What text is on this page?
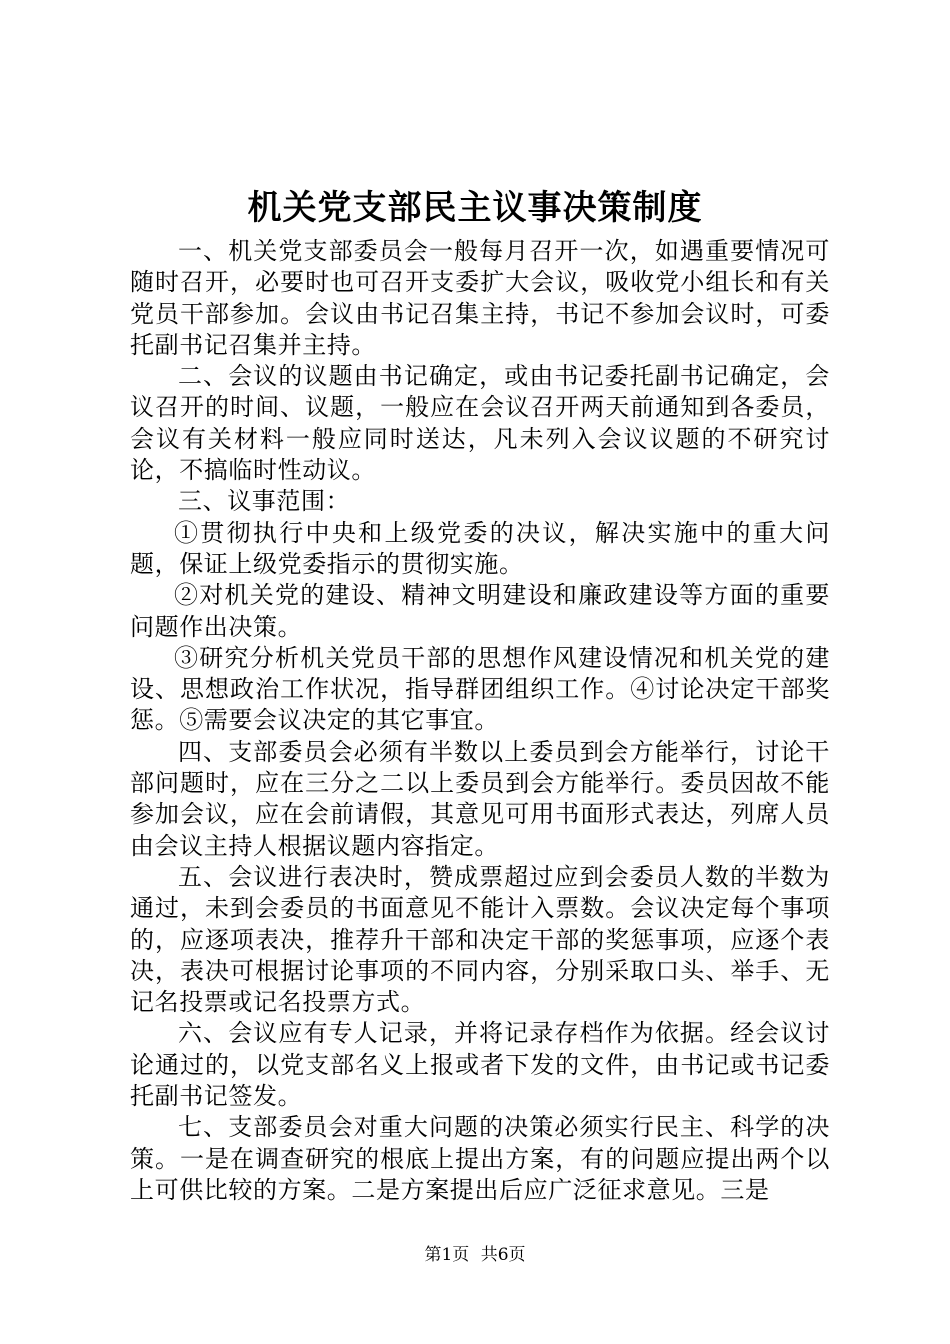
机关党支部民主议事决策制度

一、机关党支部委员会一般每月召开一次，如遇重要情况可随时召开，必要时也可召开支委扩大会议，吸收党小组长和有关党员干部参加。会议由书记召集主持，书记不参加会议时，可委托副书记召集并主持。

二、会议的议题由书记确定，或由书记委托副书记确定，会议召开的时间、议题，一般应在会议召开两天前通知到各委员，会议有关材料一般应同时送达，凡未列入会议议题的不研究讨论，不搞临时性动议。

三、议事范围：

①贯彻执行中央和上级党委的决议，解决实施中的重大问题，保证上级党委指示的贯彻实施。

②对机关党的建设、精神文明建设和廉政建设等方面的重要问题作出决策。

③研究分析机关党员干部的思想作风建设情况和机关党的建设、思想政治工作状况，指导群团组织工作。④讨论决定干部奖惩。⑤需要会议决定的其它事宜。

四、支部委员会必须有半数以上委员到会方能举行，讨论干部问题时，应在三分之二以上委员到会方能举行。委员因故不能参加会议，应在会前请假，其意见可用书面形式表达，列席人员由会议主持人根据议题内容指定。

五、会议进行表决时，赞成票超过应到会委员人数的半数为通过，未到会委员的书面意见不能计入票数。会议决定每个事项的，应逐项表决，推荐升干部和决定干部的奖惩事项，应逐个表决，表决可根据讨论事项的不同内容，分别采取口头、举手、无记名投票或记名投票方式。

六、会议应有专人记录，并将记录存档作为依据。经会议讨论通过的，以党支部名义上报或者下发的文件，由书记或书记委托副书记签发。

七、支部委员会对重大问题的决策必须实行民主、科学的决策。一是在调查研究的根底上提出方案，有的问题应提出两个以上可供比较的方案。二是方案提出后应广泛征求意见。三是

第1页 共6页
